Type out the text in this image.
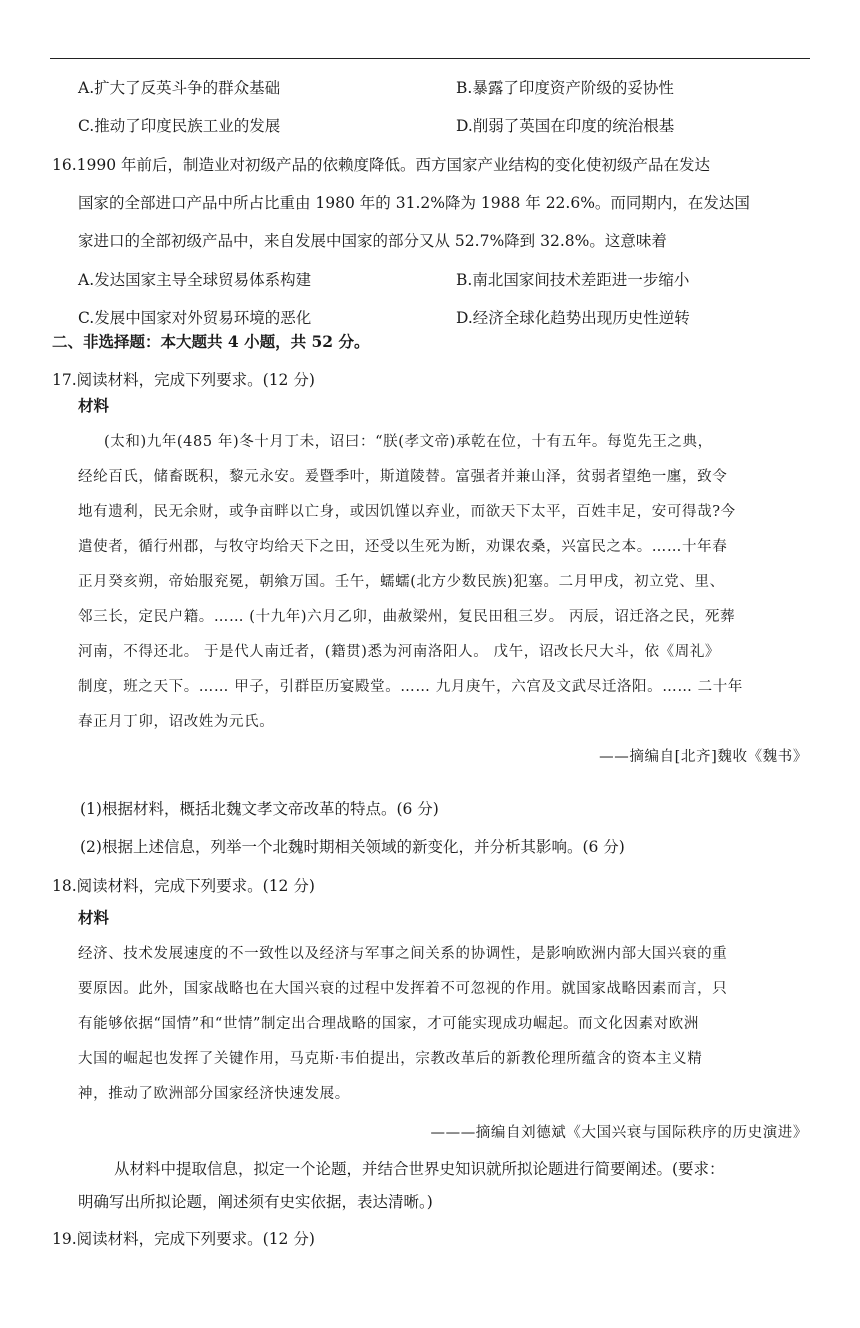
A.扩大了反英斗争的群众基础	B.暴露了印度资产阶级的妥协性
C.推动了印度民族工业的发展	D.削弱了英国在印度的统治根基
16.1990 年前后，制造业对初级产品的依赖度降低。西方国家产业结构的变化使初级产品在发达
国家的全部进口产品中所占比重由 1980 年的 31.2%降为 1988 年 22.6%。而同期内，在发达国
家进口的全部初级产品中，来自发展中国家的部分又从 52.7%降到 32.8%。这意味着
A.发达国家主导全球贸易体系构建	B.南北国家间技术差距进一步缩小
C.发展中国家对外贸易环境的恶化	D.经济全球化趋势出现历史性逆转
二、非选择题：本大题共 4 小题，共 52 分。
17.阅读材料，完成下列要求。(12 分)
材料
(太和)九年(485 年)冬十月丁未，诏曰：“朕(孝文帝)承乾在位，十有五年。每览先王之典，
经纶百氏，储畜既积，黎元永安。爰暨季叶，斯道陵替。富强者并兼山泽，贫弱者望绝一廛，致令
地有遗利，民无余财，或争亩畔以亡身，或因饥馑以弃业，而欲天下太平，百姓丰足，安可得哉?今
遣使者，循行州郡，与牧守均给天下之田，还受以生死为断，劝课农桑，兴富民之本。……十年春
正月癸亥朔，帝始服兖冕，朝飨万国。壬午，蠕蠕(北方少数民族)犯塞。二月甲戌，初立党、里、
邻三长，定民户籍。…… (十九年)六月乙卯，曲赦梁州，复民田租三岁。 丙辰，诏迁洛之民，死葬
河南，不得还北。 于是代人南迁者，(籍贯)悉为河南洛阳人。 戊午，诏改长尺大斗，依《周礼》
制度，班之天下。…… 甲子，引群臣历宴殿堂。…… 九月庚午，六宫及文武尽迁洛阳。…… 二十年
春正月丁卯，诏改姓为元氏。
——摘编自[北齐]魏收《魏书》
(1)根据材料，概括北魏文孝文帝改革的特点。(6 分)
(2)根据上述信息，列举一个北魏时期相关领域的新变化，并分析其影响。(6 分)
18.阅读材料，完成下列要求。(12 分)
材料
经济、技术发展速度的不一致性以及经济与军事之间关系的协调性，是影响欧洲内部大国兴衰的重
要原因。此外，国家战略也在大国兴衰的过程中发挥着不可忽视的作用。就国家战略因素而言，只
有能够依据“国情”和“世情”制定出合理战略的国家，才可能实现成功崛起。而文化因素对欧洲
大国的崛起也发挥了关键作用，马克斯·韦伯提出，宗教改革后的新教伦理所蕴含的资本主义精
神，推动了欧洲部分国家经济快速发展。
———摘编自刘德斌《大国兴衰与国际秩序的历史演进》
从材料中提取信息，拟定一个论题，并结合世界史知识就所拟论题进行简要阐述。(要求：
明确写出所拟论题，阐述须有史实依据，表达清晰。)
19.阅读材料，完成下列要求。(12 分)
